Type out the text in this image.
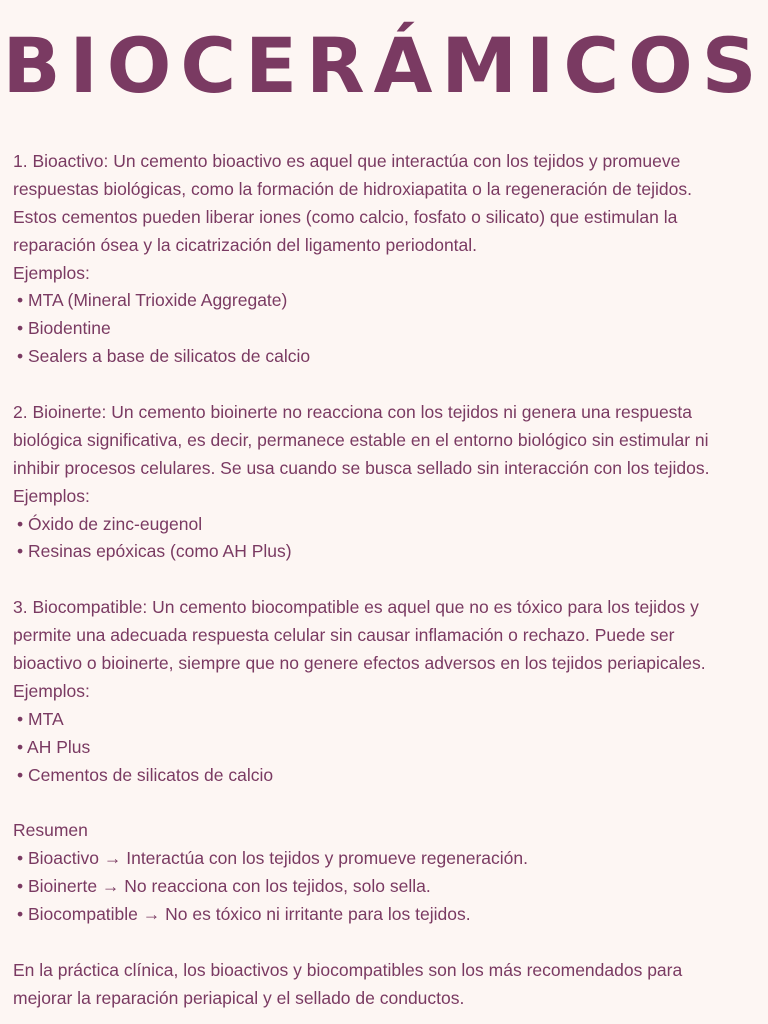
BIOCERÁMICOS
1. Bioactivo: Un cemento bioactivo es aquel que interactúa con los tejidos y promueve
respuestas biológicas, como la formación de hidroxiapatita o la regeneración de tejidos.
Estos cementos pueden liberar iones (como calcio, fosfato o silicato) que estimulan la
reparación ósea y la cicatrización del ligamento periodontal.
Ejemplos:
• MTA (Mineral Trioxide Aggregate)
• Biodentine
• Sealers a base de silicatos de calcio
2. Bioinerte: Un cemento bioinerte no reacciona con los tejidos ni genera una respuesta
biológica significativa, es decir, permanece estable en el entorno biológico sin estimular ni
inhibir procesos celulares. Se usa cuando se busca sellado sin interacción con los tejidos.
Ejemplos:
• Óxido de zinc-eugenol
• Resinas epóxicas (como AH Plus)
3. Biocompatible: Un cemento biocompatible es aquel que no es tóxico para los tejidos y
permite una adecuada respuesta celular sin causar inflamación o rechazo. Puede ser
bioactivo o bioinerte, siempre que no genere efectos adversos en los tejidos periapicales.
Ejemplos:
• MTA
• AH Plus
• Cementos de silicatos de calcio
Resumen
• Bioactivo → Interactúa con los tejidos y promueve regeneración.
• Bioinerte → No reacciona con los tejidos, solo sella.
• Biocompatible → No es tóxico ni irritante para los tejidos.
En la práctica clínica, los bioactivos y biocompatibles son los más recomendados para
mejorar la reparación periapical y el sellado de conductos.
